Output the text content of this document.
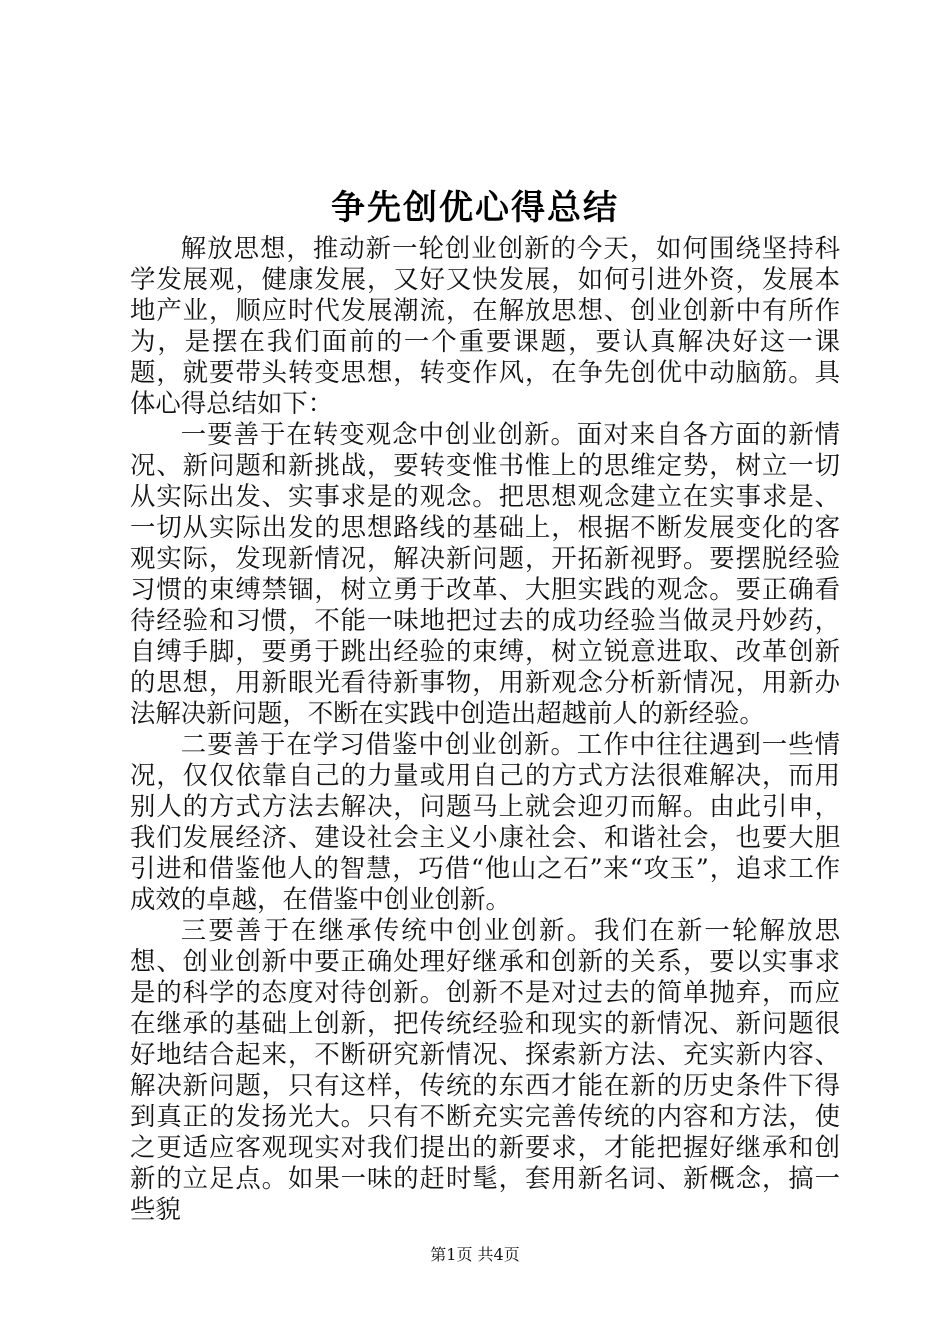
争先创优心得总结

解放思想，推动新一轮创业创新的今天，如何围绕坚持科学发展观，健康发展，又好又快发展，如何引进外资，发展本地产业，顺应时代发展潮流，在解放思想、创业创新中有所作为，是摆在我们面前的一个重要课题，要认真解决好这一课题，就要带头转变思想，转变作风，在争先创优中动脑筋。具体心得总结如下：

一要善于在转变观念中创业创新。面对来自各方面的新情况、新问题和新挑战，要转变惟书惟上的思维定势，树立一切从实际出发、实事求是的观念。把思想观念建立在实事求是、一切从实际出发的思想路线的基础上，根据不断发展变化的客观实际，发现新情况，解决新问题，开拓新视野。要摆脱经验习惯的束缚禁锢，树立勇于改革、大胆实践的观念。要正确看待经验和习惯，不能一味地把过去的成功经验当做灵丹妙药，自缚手脚，要勇于跳出经验的束缚，树立锐意进取、改革创新的思想，用新眼光看待新事物，用新观念分析新情况，用新办法解决新问题，不断在实践中创造出超越前人的新经验。

二要善于在学习借鉴中创业创新。工作中往往遇到一些情况，仅仅依靠自己的力量或用自己的方式方法很难解决，而用别人的方式方法去解决，问题马上就会迎刃而解。由此引申，我们发展经济、建设社会主义小康社会、和谐社会，也要大胆引进和借鉴他人的智慧，巧借“他山之石”来“攻玉”，追求工作成效的卓越，在借鉴中创业创新。

三要善于在继承传统中创业创新。我们在新一轮解放思想、创业创新中要正确处理好继承和创新的关系，要以实事求是的科学的态度对待创新。创新不是对过去的简单抛弃，而应在继承的基础上创新，把传统经验和现实的新情况、新问题很好地结合起来，不断研究新情况、探索新方法、充实新内容、解决新问题，只有这样，传统的东西才能在新的历史条件下得到真正的发扬光大。只有不断充实完善传统的内容和方法，使之更适应客观现实对我们提出的新要求，才能把握好继承和创新的立足点。如果一味的赶时髦，套用新名词、新概念，搞一些貌

第1页 共4页
